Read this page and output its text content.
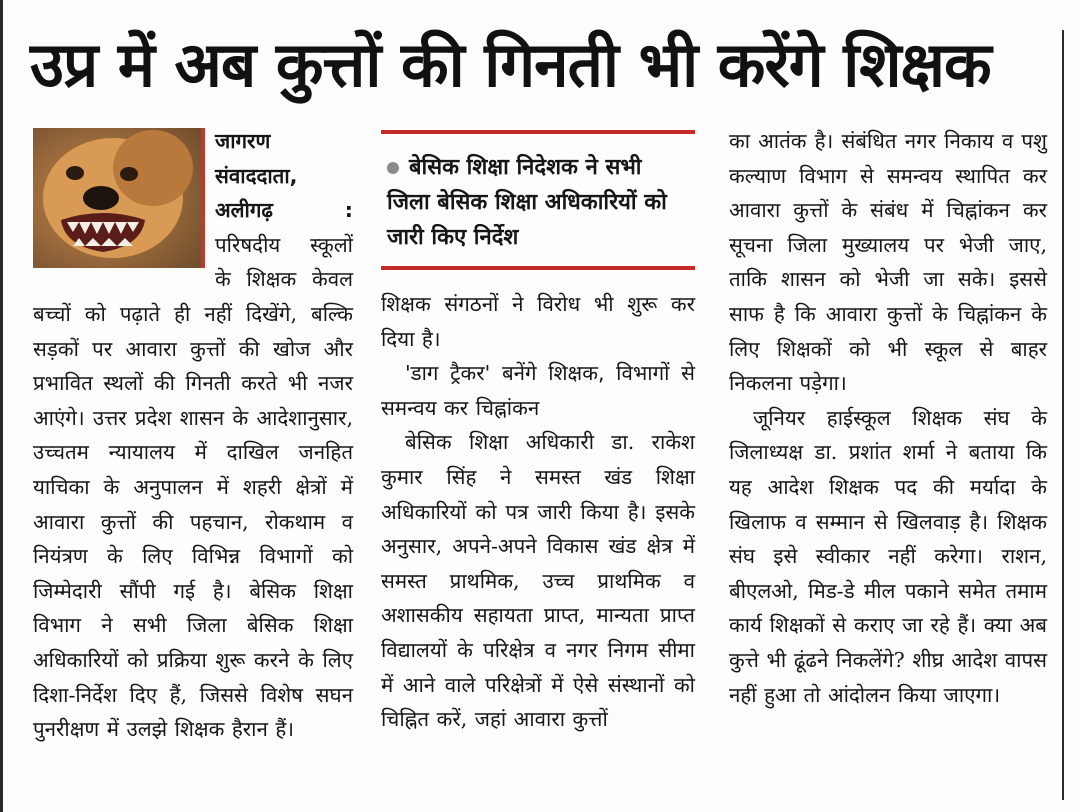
उप्र में अब कुत्तों की गिनती भी करेंगे शिक्षक

जागरण संवाददाता, अलीगढ़ : परिषदीय स्कूलों के शिक्षक केवल बच्चों को पढ़ाते ही नहीं दिखेंगे, बल्कि सड़कों पर आवारा कुत्तों की खोज और प्रभावित स्थलों की गिनती करते भी नजर आएंगे। उत्तर प्रदेश शासन के आदेशानुसार, उच्चतम न्यायालय में दाखिल जनहित याचिका के अनुपालन में शहरी क्षेत्रों में आवारा कुत्तों की पहचान, रोकथाम व नियंत्रण के लिए विभिन्न विभागों को जिम्मेदारी सौंपी गई है। बेसिक शिक्षा विभाग ने सभी जिला बेसिक शिक्षा अधिकारियों को प्रक्रिया शुरू करने के लिए दिशा-निर्देश दिए हैं, जिससे विशेष सघन पुनरीक्षण में उलझे शिक्षक हैरान हैं।

बेसिक शिक्षा निदेशक ने सभी जिला बेसिक शिक्षा अधिकारियों को जारी किए निर्देश

शिक्षक संगठनों ने विरोध भी शुरू कर दिया है।

'डाग ट्रैकर' बनेंगे शिक्षक, विभागों से समन्वय कर चिह्नांकन

बेसिक शिक्षा अधिकारी डा. राकेश कुमार सिंह ने समस्त खंड शिक्षा अधिकारियों को पत्र जारी किया है। इसके अनुसार, अपने-अपने विकास खंड क्षेत्र में समस्त प्राथमिक, उच्च प्राथमिक व अशासकीय सहायता प्राप्त, मान्यता प्राप्त विद्यालयों के परिक्षेत्र व नगर निगम सीमा में आने वाले परिक्षेत्रों में ऐसे संस्थानों को चिह्नित करें, जहां आवारा कुत्तों

का आतंक है। संबंधित नगर निकाय व पशु कल्याण विभाग से समन्वय स्थापित कर आवारा कुत्तों के संबंध में चिह्नांकन कर सूचना जिला मुख्यालय पर भेजी जाए, ताकि शासन को भेजी जा सके। इससे साफ है कि आवारा कुत्तों के चिह्नांकन के लिए शिक्षकों को भी स्कूल से बाहर निकलना पड़ेगा।

जूनियर हाईस्कूल शिक्षक संघ के जिलाध्यक्ष डा. प्रशांत शर्मा ने बताया कि यह आदेश शिक्षक पद की मर्यादा के खिलाफ व सम्मान से खिलवाड़ है। शिक्षक संघ इसे स्वीकार नहीं करेगा। राशन, बीएलओ, मिड-डे मील पकाने समेत तमाम कार्य शिक्षकों से कराए जा रहे हैं। क्या अब कुत्ते भी ढूंढने निकलेंगे? शीघ्र आदेश वापस नहीं हुआ तो आंदोलन किया जाएगा।
